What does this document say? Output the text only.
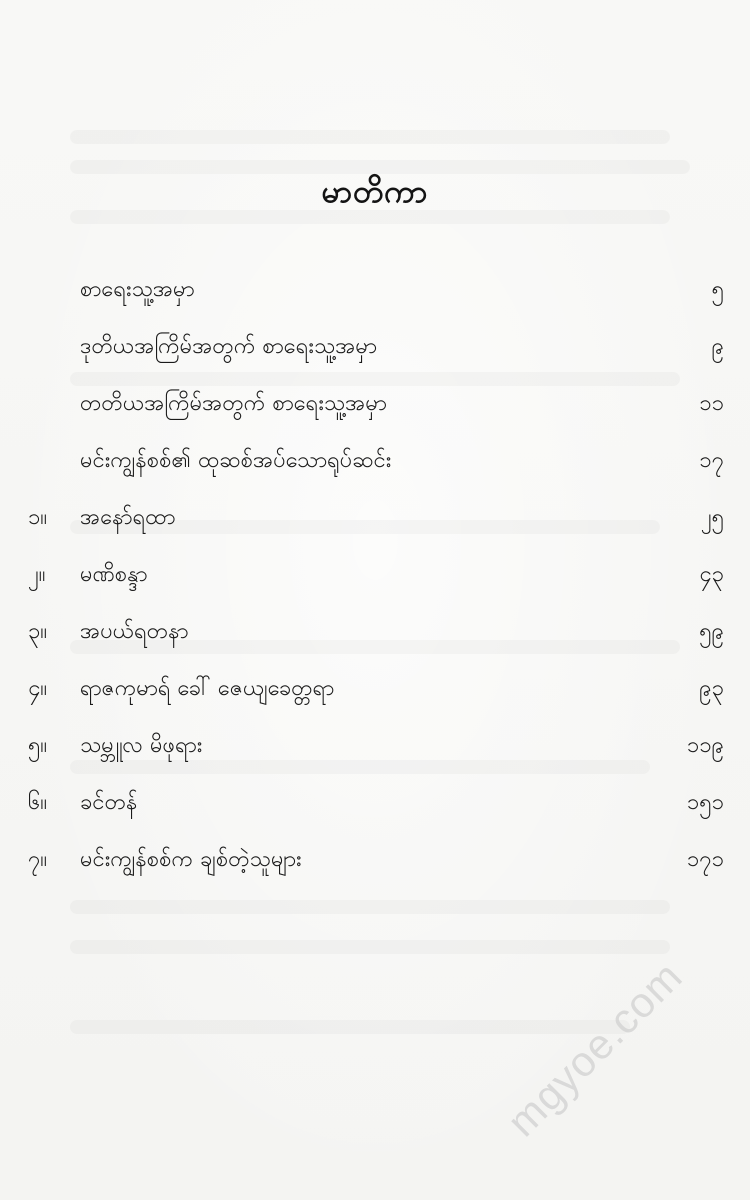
မာတိကာ
စာရေးသူ့အမှာ	၅
ဒုတိယအကြိမ်အတွက် စာရေးသူ့အမှာ	၉
တတိယအကြိမ်အတွက် စာရေးသူ့အမှာ	၁၁
မင်းကျွန်စစ်၏ ထုဆစ်အပ်သောရုပ်ဆင်း	၁၇
၁။	အနော်ရထာ	၂၅
၂။	မဏိစန္ဒာ	၄၃
၃။	အပယ်ရတနာ	၅၉
၄။	ရာဇကုမာရ် ခေါ် ဇေယျခေတ္တရာ	၉၃
၅။	သမ္ဘူလ မိဖုရား	၁၁၉
၆။	ခင်တန်	၁၅၁
၇။	မင်းကျွန်စစ်က ချစ်တဲ့သူများ	၁၇၁
mgyoe.com
